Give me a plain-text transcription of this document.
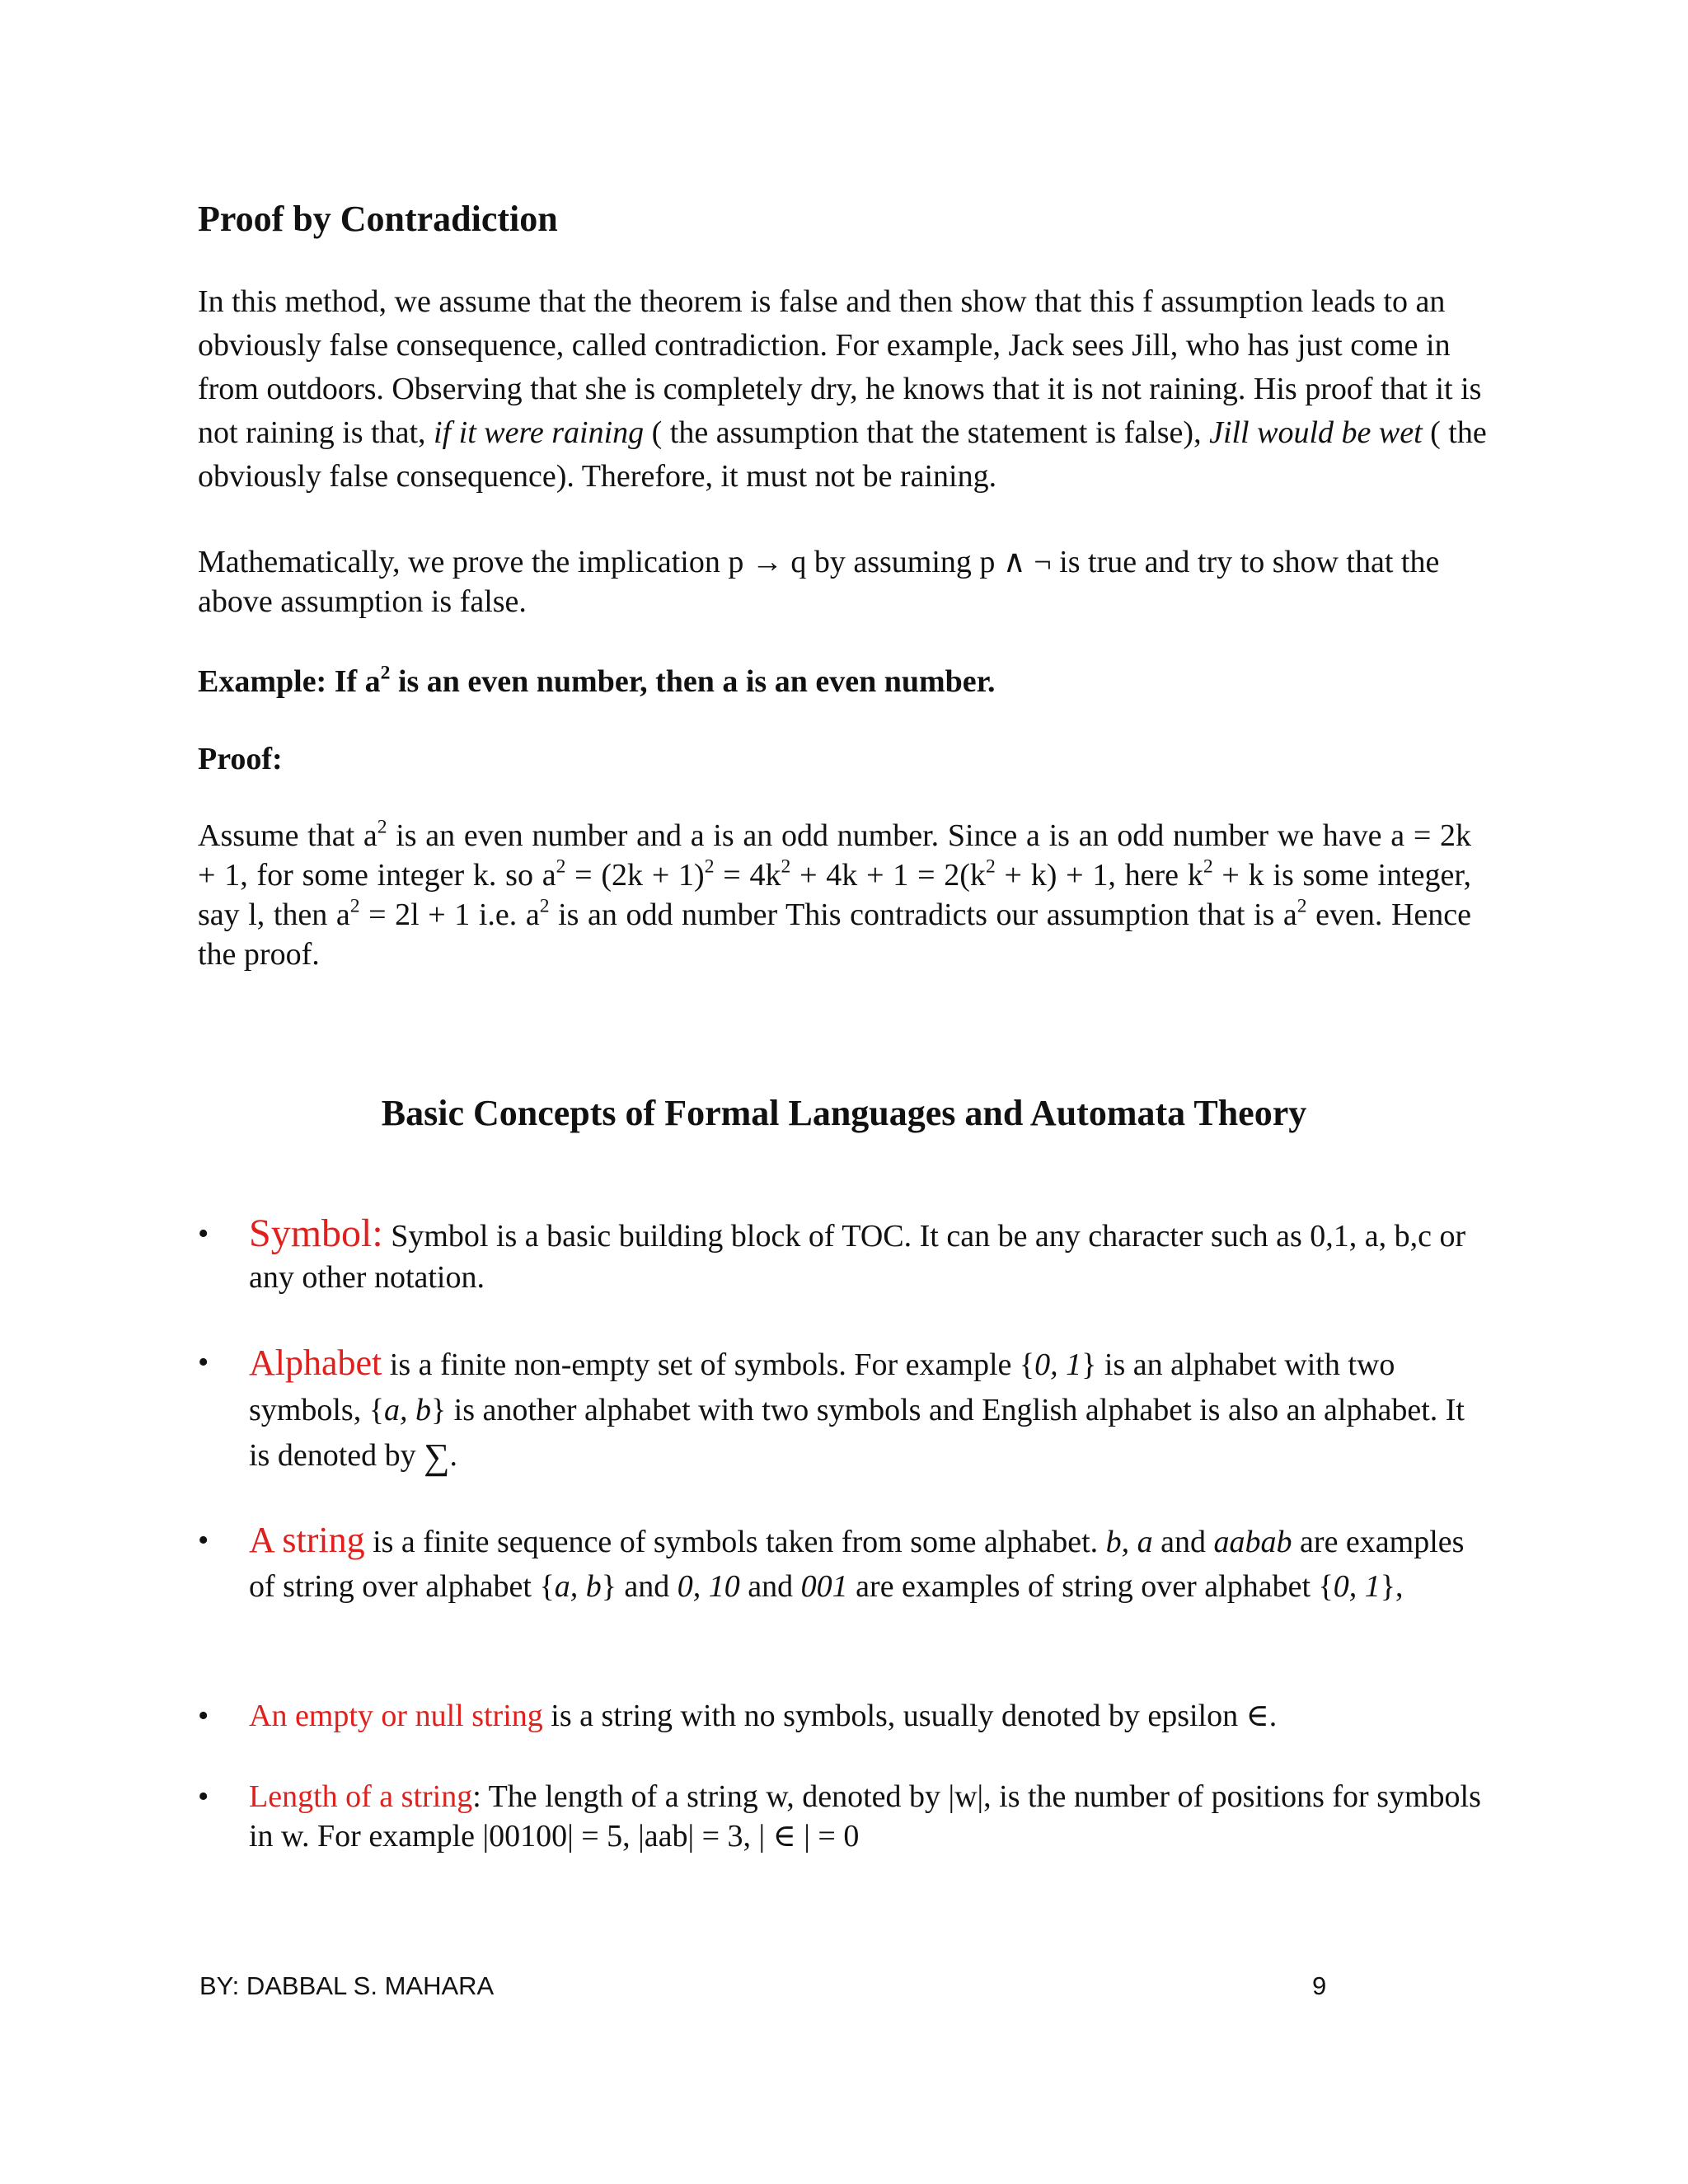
Proof by Contradiction

In this method, we assume that the theorem is false and then show that this f assumption leads to an obviously false consequence, called contradiction. For example, Jack sees Jill, who has just come in from outdoors. Observing that she is completely dry, he knows that it is not raining. His proof that it is not raining is that, if it were raining ( the assumption that the statement is false), Jill would be wet ( the obviously false consequence). Therefore, it must not be raining.

Mathematically, we prove the implication p → q by assuming p ∧ ¬ is true and try to show that the above assumption is false.

Example: If $a^2$ is an even number, then a is an even number.

Proof:

Assume that $a^2$ is an even number and a is an odd number. Since a is an odd number we have a = 2k + 1, for some integer k. so $a^2 = (2k + 1)^2 = 4k^2 + 4k + 1 = 2(k^2 + k) + 1$, here $k^2 + k$ is some integer, say l, then $a^2 = 2l + 1$ i.e. $a^2$ is an odd number This contradicts our assumption that is $a^2$ even. Hence the proof.

Basic Concepts of Formal Languages and Automata Theory
•	Symbol: Symbol is a basic building block of TOC. It can be any character such as 0,1, a, b,c or any other notation.
•	Alphabet is a finite non-empty set of symbols. For example {0, 1} is an alphabet with two symbols, {a, b} is another alphabet with two symbols and English alphabet is also an alphabet. It is denoted by ∑.
•	A string is a finite sequence of symbols taken from some alphabet. b, a and aabab are examples of string over alphabet {a, b} and 0, 10 and 001 are examples of string over alphabet {0, 1},
•	An empty or null string is a string with no symbols, usually denoted by epsilon ∈.
•	Length of a string: The length of a string w, denoted by |w|, is the number of positions for symbols in w. For example |00100| = 5, |aab| = 3, | ∈ | = 0

BY: DABBAL S. MAHARA	9
